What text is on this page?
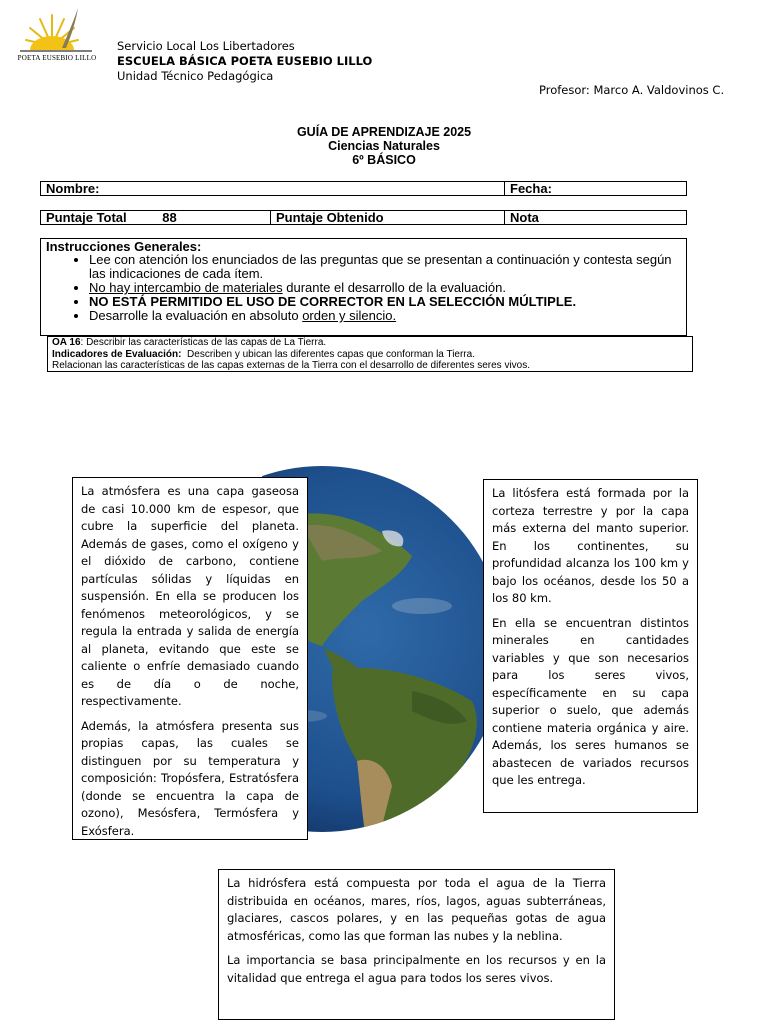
POETA EUSEBIO LILLO
Servicio Local Los Libertadores
ESCUELA BÁSICA POETA EUSEBIO LILLO
Unidad Técnico Pedagógica
Profesor: Marco A. Valdovinos C.
GUÍA DE APRENDIZAJE 2025
Ciencias Naturales
6º BÁSICO
Nombre:	Fecha:
Puntaje Total	88	Puntaje Obtenido	Nota
Instrucciones Generales:
• Lee con atención los enunciados de las preguntas que se presentan a continuación y contesta según las indicaciones de cada ítem.
• No hay intercambio de materiales durante el desarrollo de la evaluación.
• NO ESTÁ PERMITIDO EL USO DE CORRECTOR EN LA SELECCIÓN MÚLTIPLE.
• Desarrolle la evaluación en absoluto orden y silencio.
OA 16: Describir las características de las capas de La Tierra.
Indicadores de Evaluación:  Describen y ubican las diferentes capas que conforman la Tierra.
Relacionan las características de las capas externas de la Tierra con el desarrollo de diferentes seres vivos.

La atmósfera es una capa gaseosa de casi 10.000 km de espesor, que cubre la superficie del planeta. Además de gases, como el oxígeno y el dióxido de carbono, contiene partículas sólidas y líquidas en suspensión. En ella se producen los fenómenos meteorológicos, y se regula la entrada y salida de energía al planeta, evitando que este se caliente o enfríe demasiado cuando es de día o de noche, respectivamente.

Además, la atmósfera presenta sus propias capas, las cuales se distinguen por su temperatura y composición: Tropósfera, Estratósfera (donde se encuentra la capa de ozono), Mesósfera, Termósfera y Exósfera.

La litósfera está formada por la corteza terrestre y por la capa más externa del manto superior. En los continentes, su profundidad alcanza los 100 km y bajo los océanos, desde los 50 a los 80 km.

En ella se encuentran distintos minerales en cantidades variables y que son necesarios para los seres vivos, específicamente en su capa superior o suelo, que además contiene materia orgánica y aire. Además, los seres humanos se abastecen de variados recursos que les entrega.

La hidrósfera está compuesta por toda el agua de la Tierra distribuida en océanos, mares, ríos, lagos, aguas subterráneas, glaciares, cascos polares, y en las pequeñas gotas de agua atmosféricas, como las que forman las nubes y la neblina.

La importancia se basa principalmente en los recursos y en la vitalidad que entrega el agua para todos los seres vivos.
